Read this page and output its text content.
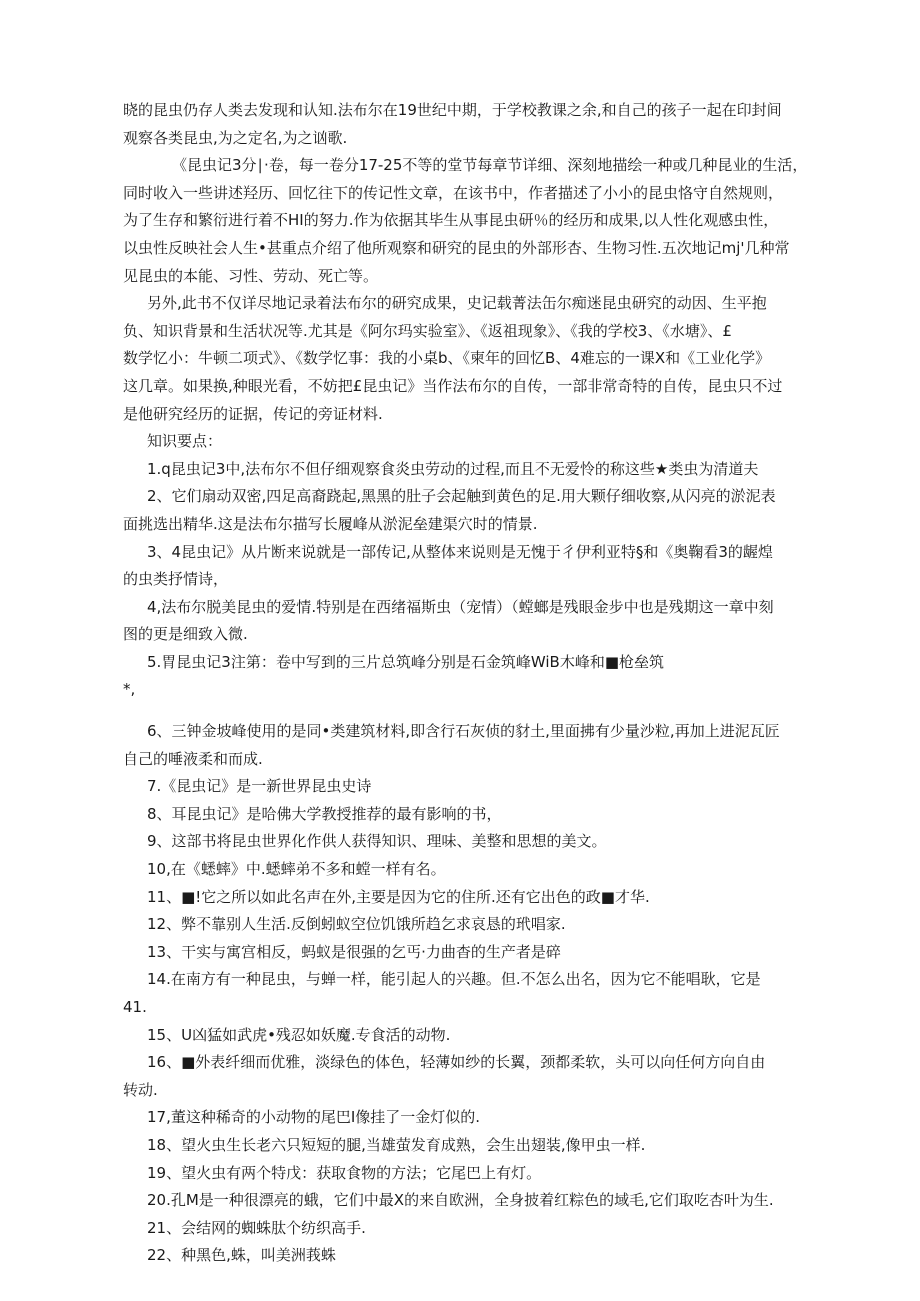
晓的昆虫仍存人类去发现和认知.法布尔在19世纪中期，于学校教课之余,和自己的孩子一起在印封间
观察各类昆虫,为之定名,为之讻歌.
《昆虫记3分∣·卷，每一卷分17-25不等的堂节每章节详细、深刻地描绘一种或几种昆业的生活，
同时收入一些讲述羟历、回忆往下的传记性文章，在该书中，作者描述了小小的昆虫恪守自然规则，
为了生存和繁衍进行着不HI的努力.作为依据其毕生从事昆虫研％的经历和成果,以人性化观感虫性，
以虫性反映社会人生•甚重点介绍了他所观察和研究的昆虫的外部形杏、生物习性.五次地记mj'几种常
见昆虫的本能、习性、劳动、死亡等。
另外,此书不仅详尽地记录着法布尔的研究成果，史记载菁法缶尔痴迷昆虫研究的动因、生平抱
负、知识背景和生活状况等.尤其是《阿尔玛实验室》、《返祖现象》、《我的学校3、《水塘》、£
数学忆小：牛顿二项式》、《数学忆事：我的小桌b、《柬年的回忆B、4难忘的一课X和《工业化学》
这几章。如果换,种眼光看，不妨把£昆虫记》当作法布尔的自传，一部非常奇特的自传，昆虫只不过
是他研究经历的证据，传记的旁证材料.
知识要点：
1.q昆虫记3中,法布尔不但仔细观察食炎虫劳动的过程,而且不无爱怜的称这些★类虫为清道夫
2、它们扇动双密,四足高裔跷起,黑黑的肚子会起触到黄色的足.用大颗仔细收察,从闪亮的淤泥表
面挑选出精华.这是法布尔描写长履峰从淤泥垒建渠穴时的情景.
3、4昆虫记》从片断来说就是一部传记,从整体来说则是无愧于彳伊利亚特§和《奥鞠看3的龌煌
的虫类抒情诗，
4,法布尔脱美昆虫的爱情.特别是在西绪福斯虫（宠情）（螳螂是残眼金步中也是残期这一章中刻
图的更是细致入微.
5.胃昆虫记3注第：卷中写到的三片总筑峰分别是石金筑峰WiB木峰和■枪垒筑
*,
6、三钟金坡峰使用的是同•类建筑材料,即含行石灰侦的豺土,里面拂有少量沙粒,再加上进泥瓦匠
自己的唾液柔和而成.
7.《昆虫记》是一新世界昆虫史诗
8、耳昆虫记》是哈佛大学教授推荐的最有影响的书，
9、这部书将昆虫世界化作供人获得知识、理味、美整和思想的美文。
10,在《蟋蟀》中.蟋蟀弟不多和螳一样有名。
11、■!它之所以如此名声在外,主要是因为它的住所.还有它出色的政■才华.
12、弊不靠别人生活.反倒蚓蚁空位饥饿所趋乞求哀恳的玳唱家.
13、干实与寓宫相反，蚂蚁是很强的乞丐·力曲杳的生产者是碎
14.在南方有一种昆虫，与蝉一样，能引起人的兴趣。但.不怎么出名，因为它不能唱耿，它是
41.
15、U凶猛如武虎•残忍如妖魔.专食活的动物.
16、■外表纤细而优雅，淡绿色的体色，轻薄如纱的长翼，颈都柔软，头可以向任何方向自由
转动.
17,董这种稀奇的小动物的尾巴I像挂了一金灯似的.
18、望火虫生长老六只短短的腿,当雄萤发育成熟，会生出翅装,像甲虫一样.
19、望火虫有两个特戊：获取食物的方法；它尾巴上有灯。
20.孔M是一种很漂亮的蛾，它们中最X的来自欧洲，全身披着红粽色的域毛,它们取吃杏叶为生.
21、会结网的蜘蛛肽个纺织高手.
22、种黑色,蛛，叫美洲莪蛛
